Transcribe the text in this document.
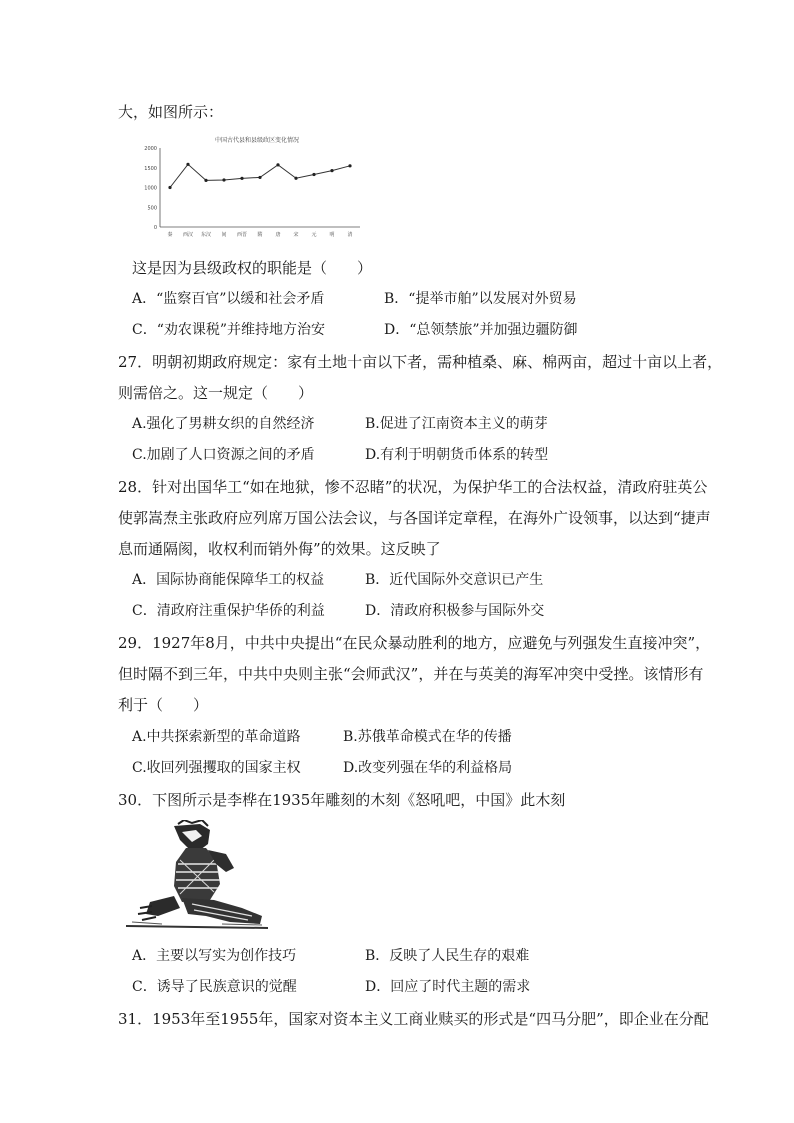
大，如图所示：
中国古代县和县级政区变化情况
0
500
1000
1500
2000
秦 西汉 东汉 间 西晋 隋	唐	宋	元	明	清
这是因为县级政权的职能是（　　）
A．“监察百官”以缓和社会矛盾	B．“提举市舶”以发展对外贸易
C．“劝农课税”并维持地方治安	D．“总领禁旅”并加强边疆防御
27．明朝初期政府规定：家有土地十亩以下者，需种植桑、麻、棉两亩，超过十亩以上者，
则需倍之。这一规定（　　）
A.强化了男耕女织的自然经济	B.促进了江南资本主义的萌芽
C.加剧了人口资源之间的矛盾	D.有利于明朝货币体系的转型
28．针对出国华工“如在地狱，惨不忍睹”的状况，为保护华工的合法权益，清政府驻英公
使郭嵩焘主张政府应列席万国公法会议，与各国详定章程，在海外广设领事，以达到“捷声
息而通隔阂，收权利而销外侮”的效果。这反映了
A．国际协商能保障华工的权益	B．近代国际外交意识已产生
C．清政府注重保护华侨的利益	D．清政府积极参与国际外交
29．1927年8月，中共中央提出“在民众暴动胜利的地方，应避免与列强发生直接冲突”，
但时隔不到三年，中共中央则主张“会师武汉”，并在与英美的海军冲突中受挫。该情形有
利于（　　）
A.中共探索新型的革命道路	B.苏俄革命模式在华的传播
C.收回列强攫取的国家主权	D.改变列强在华的利益格局
30．下图所示是李桦在1935年雕刻的木刻《怒吼吧，中国》此木刻
A．主要以写实为创作技巧	B．反映了人民生存的艰难
C．诱导了民族意识的觉醒	D．回应了时代主题的需求
31．1953年至1955年，国家对资本主义工商业赎买的形式是“四马分肥”，即企业在分配
